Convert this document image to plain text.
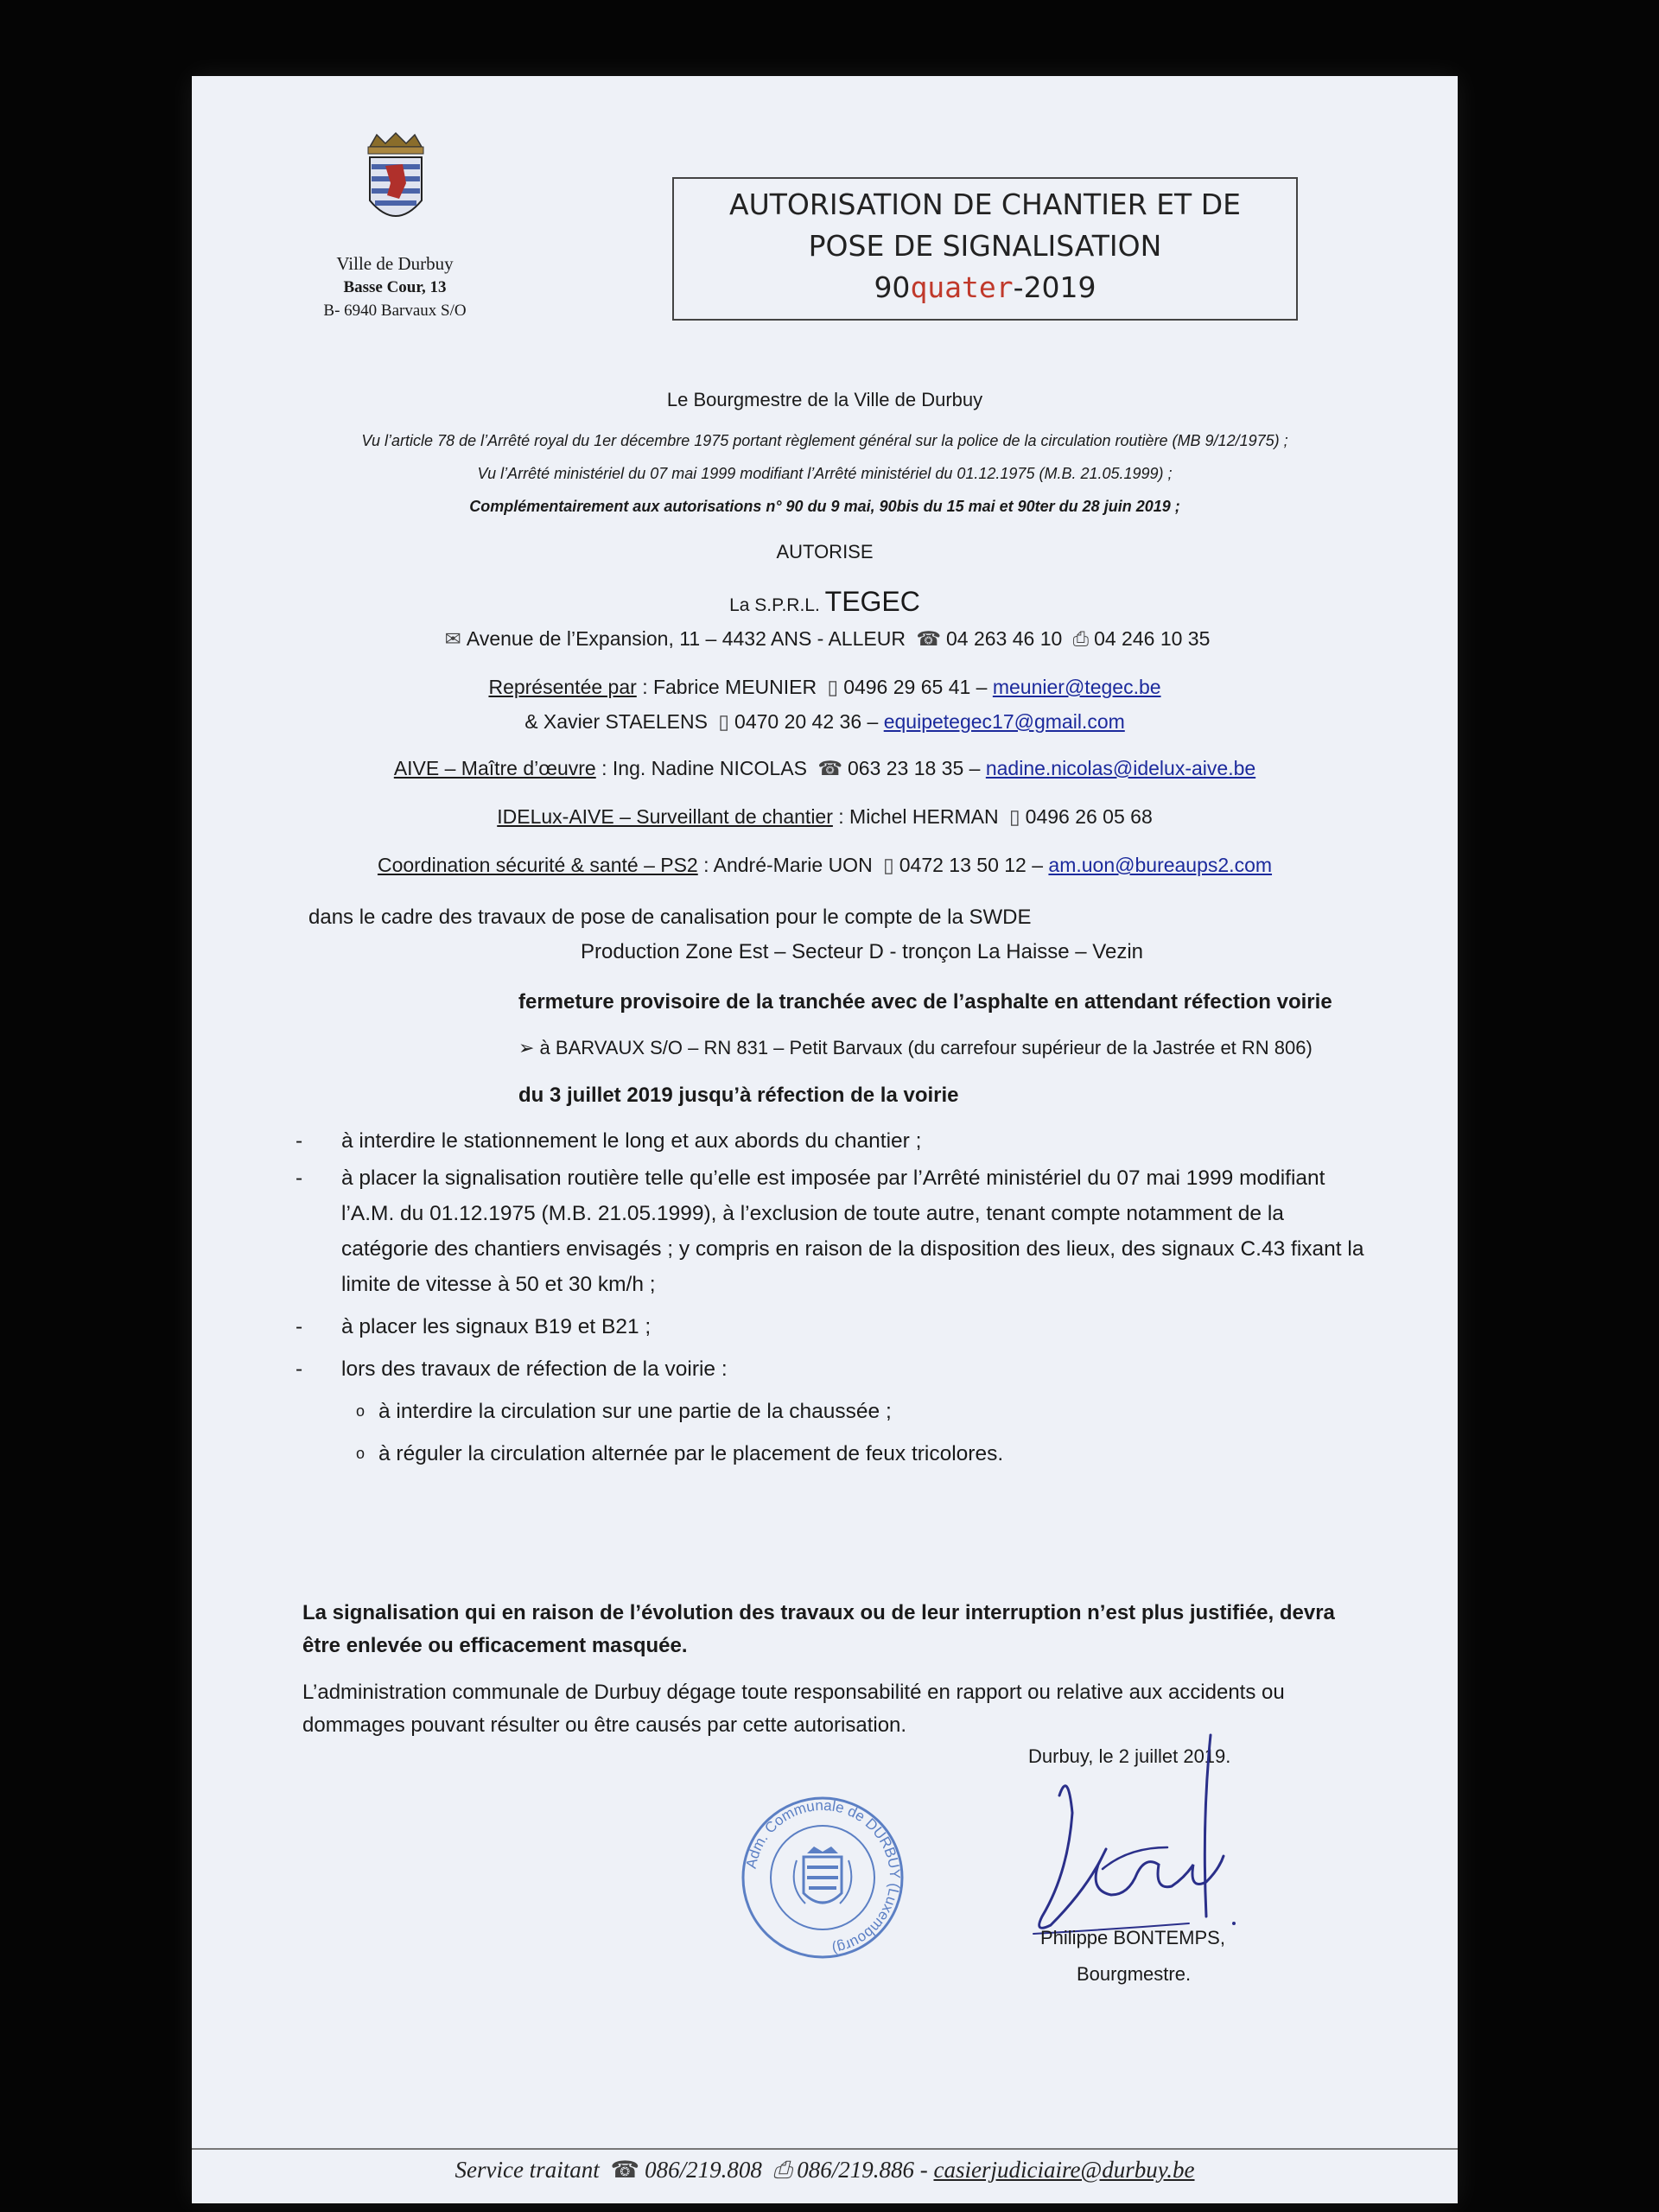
Ville de Durbuy
Basse Cour, 13
B- 6940 Barvaux S/O
AUTORISATION DE CHANTIER ET DE
POSE DE SIGNALISATION
90quater-2019
Le Bourgmestre de la Ville de Durbuy
Vu l’article 78 de l’Arrêté royal du 1er décembre 1975 portant règlement général sur la police de la circulation routière (MB 9/12/1975) ;
Vu l’Arrêté ministériel du 07 mai 1999 modifiant l’Arrêté ministériel du 01.12.1975 (M.B. 21.05.1999) ;
Complémentairement aux autorisations n° 90 du 9 mai, 90bis du 15 mai et 90ter du 28 juin 2019 ;
AUTORISE
La S.P.R.L. TEGEC
✉ Avenue de l’Expansion, 11 – 4432 ANS - ALLEUR ☎ 04 263 46 10 ⎙ 04 246 10 35
Représentée par : Fabrice MEUNIER ▯ 0496 29 65 41 – meunier@tegec.be
& Xavier STAELENS ▯ 0470 20 42 36 – equipetegec17@gmail.com
AIVE – Maître d’œuvre : Ing. Nadine NICOLAS ☎ 063 23 18 35 – nadine.nicolas@idelux-aive.be
IDELux-AIVE – Surveillant de chantier : Michel HERMAN ▯ 0496 26 05 68
Coordination sécurité & santé – PS2 : André-Marie UON ▯ 0472 13 50 12 – am.uon@bureaups2.com
dans le cadre des travaux de pose de canalisation pour le compte de la SWDE
Production Zone Est – Secteur D - tronçon La Haisse – Vezin
fermeture provisoire de la tranchée avec de l’asphalte en attendant réfection voirie
➢ à BARVAUX S/O – RN 831 – Petit Barvaux (du carrefour supérieur de la Jastrée et RN 806)
du 3 juillet 2019 jusqu’à réfection de la voirie
- à interdire le stationnement le long et aux abords du chantier ;
- à placer la signalisation routière telle qu’elle est imposée par l’Arrêté ministériel du 07 mai 1999 modifiant
l’A.M. du 01.12.1975 (M.B. 21.05.1999), à l’exclusion de toute autre, tenant compte notamment de la
catégorie des chantiers envisagés ; y compris en raison de la disposition des lieux, des signaux C.43 fixant la
limite de vitesse à 50 et 30 km/h ;
- à placer les signaux B19 et B21 ;
- lors des travaux de réfection de la voirie :
o à interdire la circulation sur une partie de la chaussée ;
o à réguler la circulation alternée par le placement de feux tricolores.
La signalisation qui en raison de l’évolution des travaux ou de leur interruption n’est plus justifiée, devra
être enlevée ou efficacement masquée.
L’administration communale de Durbuy dégage toute responsabilité en rapport ou relative aux accidents ou
dommages pouvant résulter ou être causés par cette autorisation.
Adm. Communale de DURBUY (Luxembourg)
Durbuy, le 2 juillet 2019.
Philippe BONTEMPS,
Bourgmestre.
Service traitant ☎ 086/219.808 ⎙ 086/219.886 - casierjudiciaire@durbuy.be
